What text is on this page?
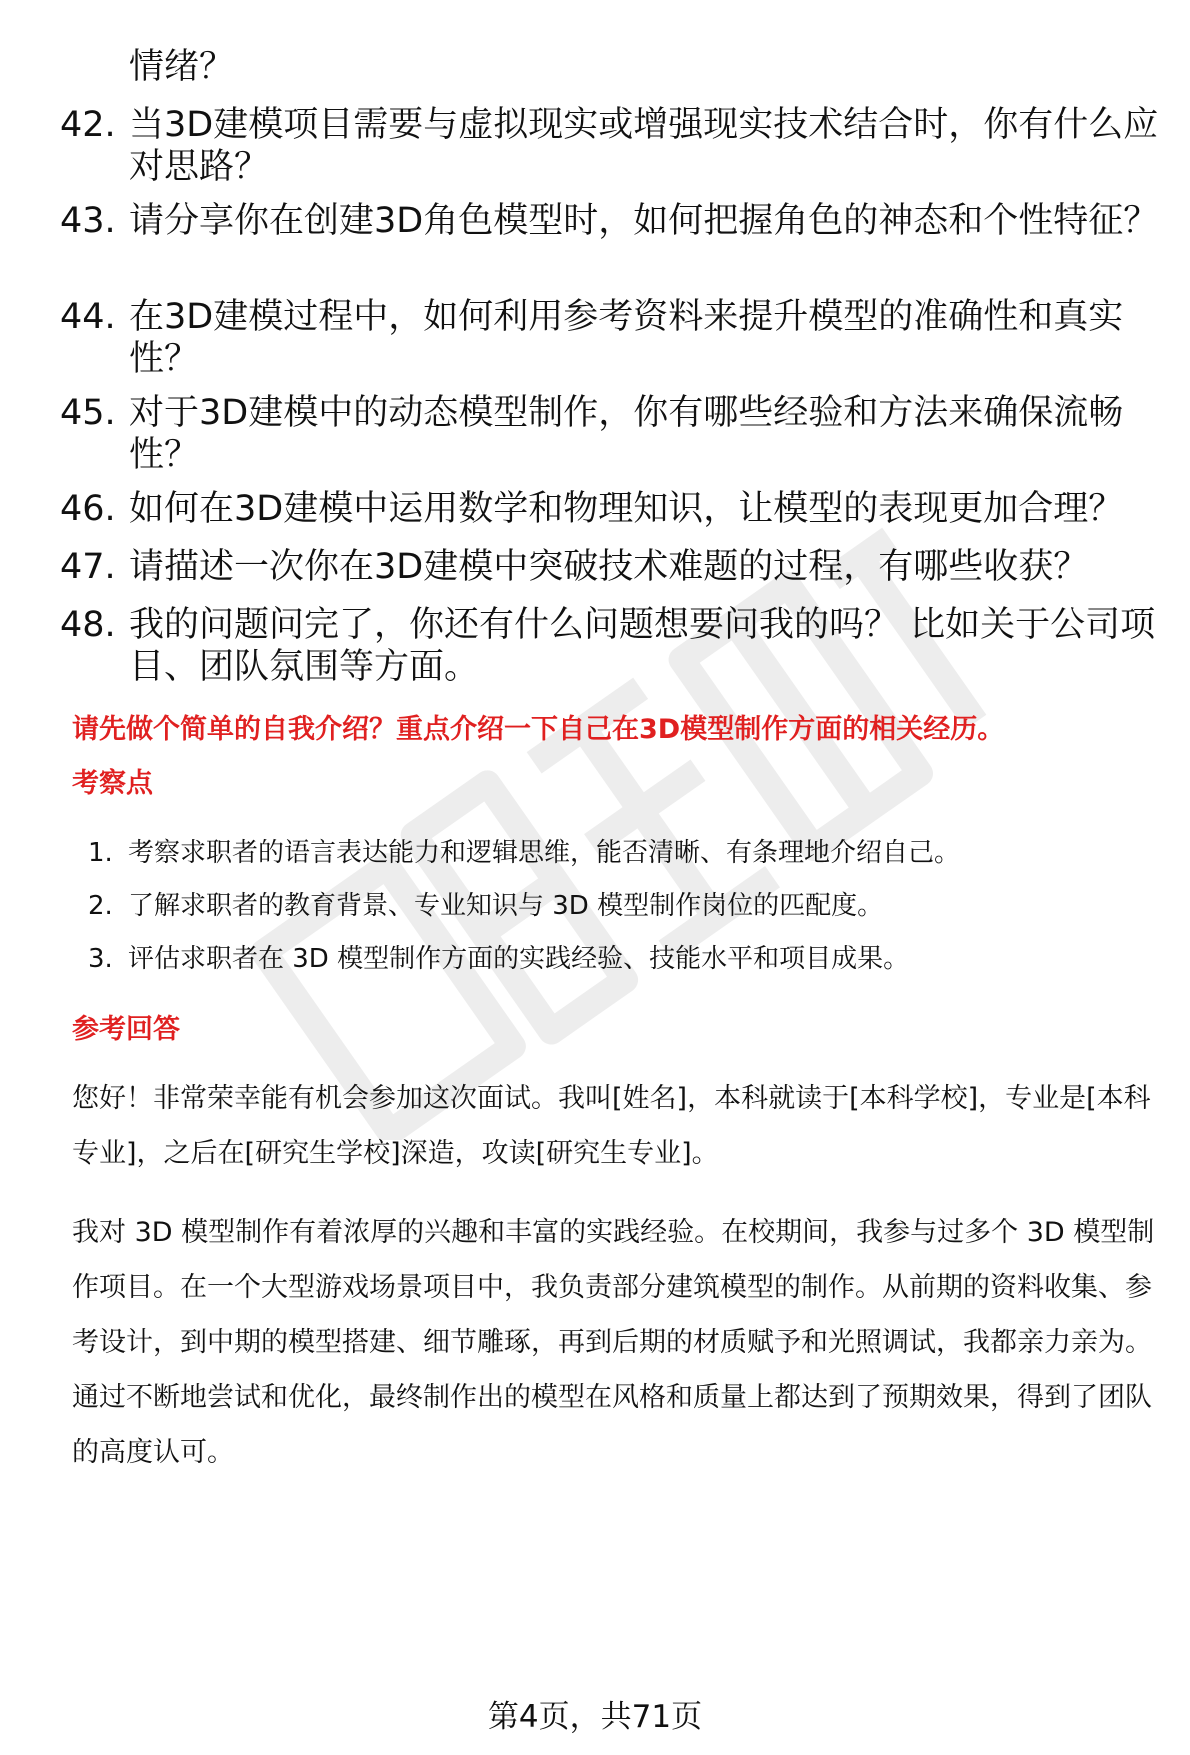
情绪？
42. 当3D建模项目需要与虚拟现实或增强现实技术结合时，你有什么应对思路？
43. 请分享你在创建3D角色模型时，如何把握角色的神态和个性特征？
44. 在3D建模过程中，如何利用参考资料来提升模型的准确性和真实性？
45. 对于3D建模中的动态模型制作，你有哪些经验和方法来确保流畅性？
46. 如何在3D建模中运用数学和物理知识，让模型的表现更加合理？
47. 请描述一次你在3D建模中突破技术难题的过程，有哪些收获？
48. 我的问题问完了，你还有什么问题想要问我的吗？ 比如关于公司项目、团队氛围等方面。
请先做个简单的自我介绍？重点介绍一下自己在3D模型制作方面的相关经历。
考察点
1. 考察求职者的语言表达能力和逻辑思维，能否清晰、有条理地介绍自己。
2. 了解求职者的教育背景、专业知识与 3D 模型制作岗位的匹配度。
3. 评估求职者在 3D 模型制作方面的实践经验、技能水平和项目成果。
参考回答
您好！非常荣幸能有机会参加这次面试。我叫[姓名]，本科就读于[本科学校]，专业是[本科专业]，之后在[研究生学校]深造，攻读[研究生专业]。
我对 3D 模型制作有着浓厚的兴趣和丰富的实践经验。在校期间，我参与过多个 3D 模型制作项目。在一个大型游戏场景项目中，我负责部分建筑模型的制作。从前期的资料收集、参考设计，到中期的模型搭建、细节雕琢，再到后期的材质赋予和光照调试，我都亲力亲为。通过不断地尝试和优化，最终制作出的模型在风格和质量上都达到了预期效果，得到了团队的高度认可。
第4页，共71页
